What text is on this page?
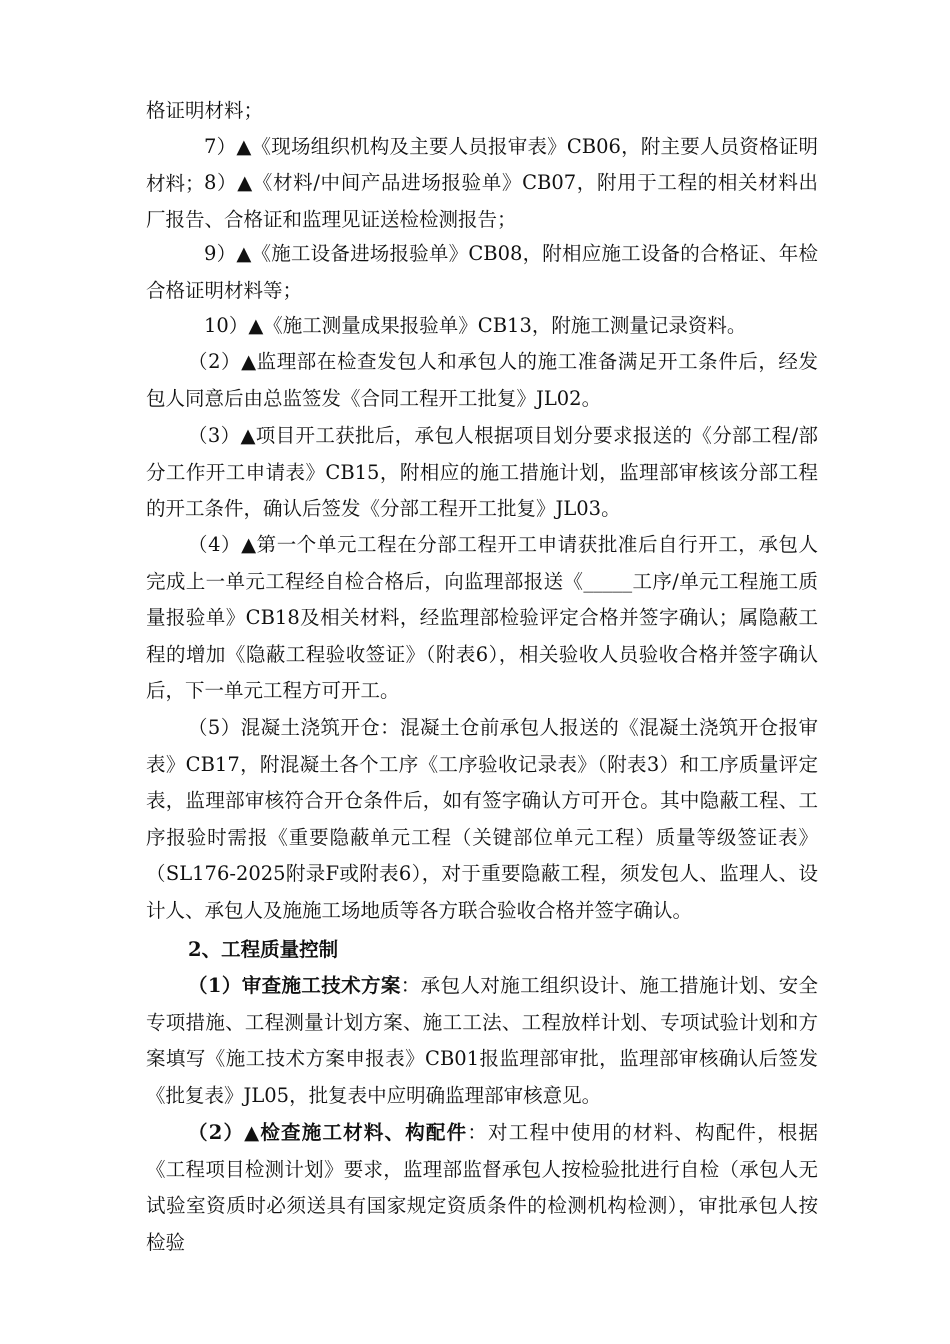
格证明材料；

7）▲《现场组织机构及主要人员报审表》CB06，附主要人员资格证明材料； 8）▲《材料/中间产品进场报验单》CB07，附用于工程的相关材料出厂报告、合格证和监理见证送检检测报告；

9）▲《施工设备进场报验单》CB08，附相应施工设备的合格证、年检合格证明材料等；

10）▲《施工测量成果报验单》CB13，附施工测量记录资料。

（2）▲监理部在检查发包人和承包人的施工准备满足开工条件后，经发包人同意后由总监签发《合同工程开工批复》JL02。

（3）▲项目开工获批后，承包人根据项目划分要求报送的《分部工程/部分工作开工申请表》CB15，附相应的施工措施计划，监理部审核该分部工程的开工条件，确认后签发《分部工程开工批复》JL03。

（4）▲第一个单元工程在分部工程开工申请获批准后自行开工，承包人完成上一单元工程经自检合格后，向监理部报送《_____工序/单元工程施工质量报验单》CB18及相关材料，经监理部检验评定合格并签字确认；属隐蔽工程的增加《隐蔽工程验收签证》（附表6），相关验收人员验收合格并签字确认后，下一单元工程方可开工。

（5）混凝土浇筑开仓：混凝土仓前承包人报送的《混凝土浇筑开仓报审表》CB17，附混凝土各个工序《工序验收记录表》（附表3）和工序质量评定表，监理部审核符合开仓条件后，如有签字确认方可开仓。其中隐蔽工程、工序报验时需报《重要隐蔽单元工程（关键部位单元工程）质量等级签证表》（SL176-2025附录F或附表6），对于重要隐蔽工程，须发包人、监理人、设计人、承包人及施施工场地质等各方联合验收合格并签字确认。

2、工程质量控制

（1）审查施工技术方案：承包人对施工组织设计、施工措施计划、安全专项措施、工程测量计划方案、施工工法、工程放样计划、专项试验计划和方案填写《施工技术方案申报表》CB01报监理部审批，监理部审核确认后签发《批复表》JL05，批复表中应明确监理部审核意见。

（2）▲检查施工材料、构配件：对工程中使用的材料、构配件，根据《工程项目检测计划》要求，监理部监督承包人按检验批进行自检（承包人无试验室资质时必须送具有国家规定资质条件的检测机构检测），审批承包人按检验
